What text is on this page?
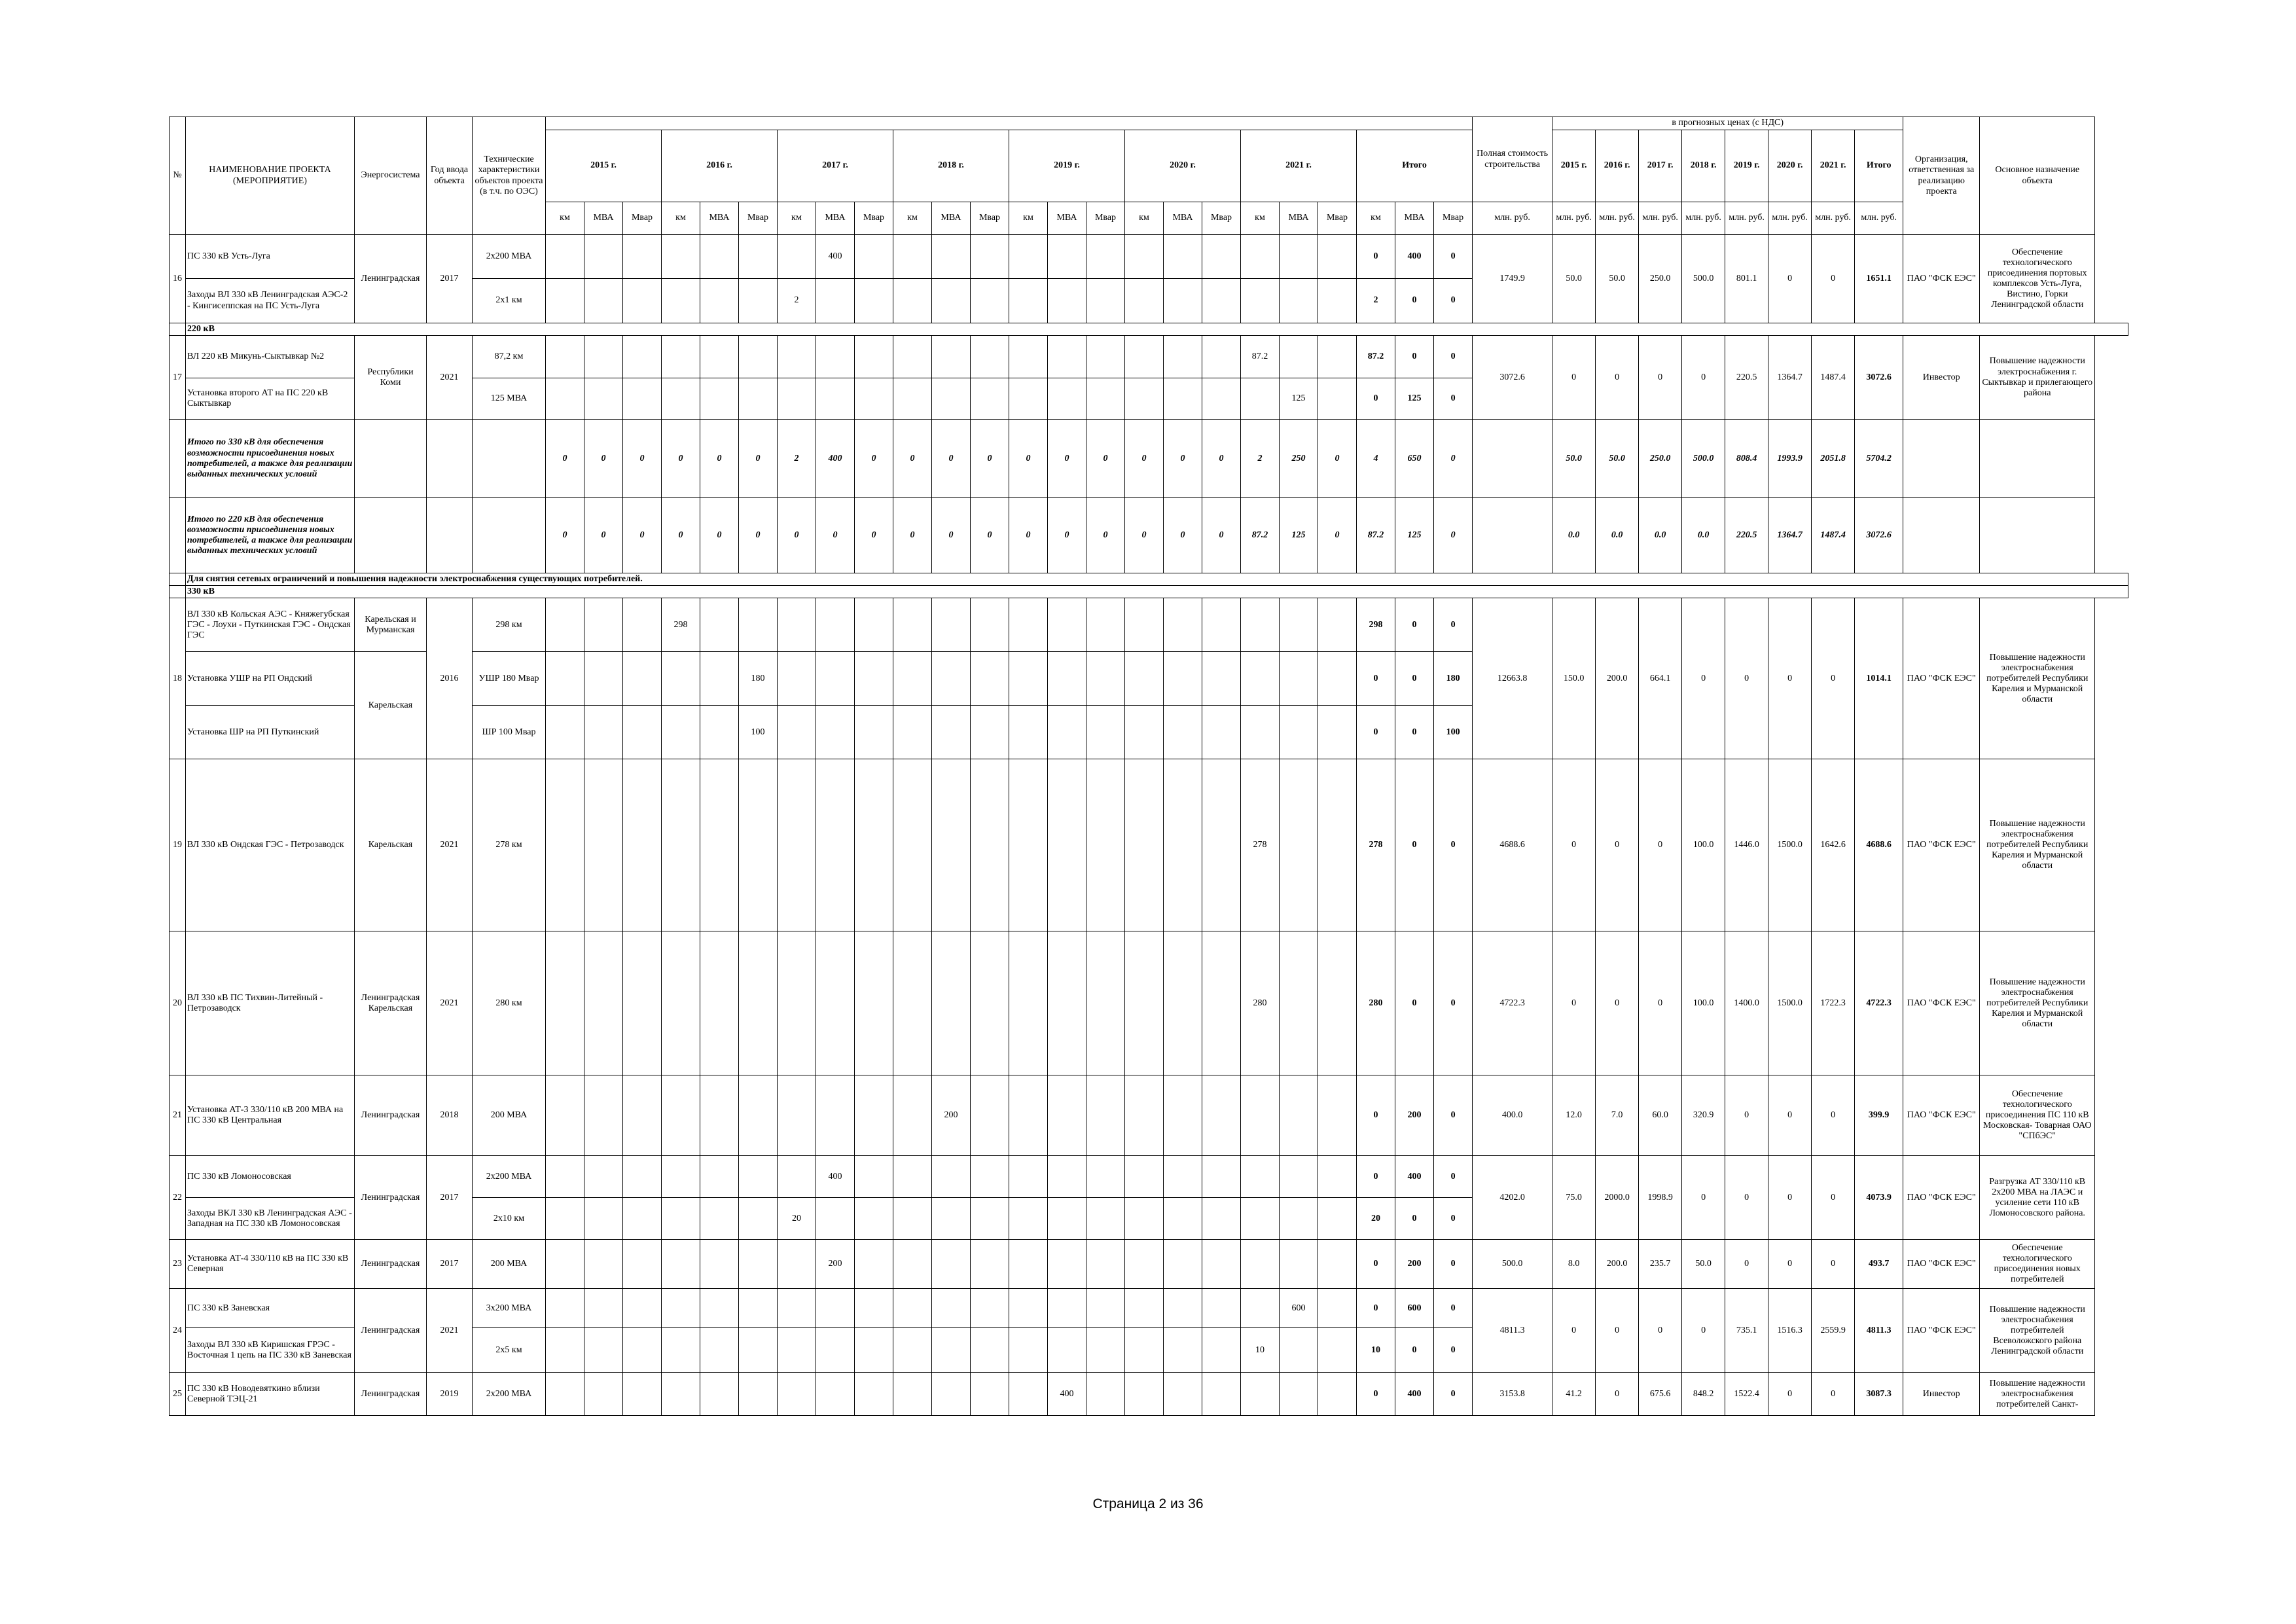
№	НАИМЕНОВАНИЕ ПРОЕКТА (МЕРОПРИЯТИЕ)	Энергосистема	Год ввода объекта	Технические характеристики объектов проекта (в т.ч. по ОЭС)																									Полная стоимость строительства	в прогнозных ценах (с НДС)								Организация, ответственная за реализацию проекта	Основное назначение объекта
					2015 г.			2016 г.			2017 г.			2018 г.			2019 г.			2020 г.			2021 г.			Итого				2015 г.	2016 г.	2017 г.	2018 г.	2019 г.	2020 г.	2021 г.	Итого		
					км	МВА	Мвар	км	МВА	Мвар	км	МВА	Мвар	км	МВА	Мвар	км	МВА	Мвар	км	МВА	Мвар	км	МВА	Мвар	км	МВА	Мвар	млн. руб.	млн. руб.	млн. руб.	млн. руб.	млн. руб.	млн. руб.	млн. руб.	млн. руб.	млн. руб.		
16	ПС 330 кВ Усть-Луга	Ленинградская	2017	2х200 МВА								400														0	400	0	1749.9	50.0	50.0	250.0	500.0	801.1	0	0	1651.1	ПАО "ФСК ЕЭС"	Обеспечение технологического присоединения портовых комплексов Усть-Луга, Вистино, Горки Ленинградской области
	Заходы ВЛ 330 кВ Ленинградская АЭС-2 - Кингисеппская на ПС Усть-Луга			2х1 км							2															2	0	0											
	220 кВ																																						
17	ВЛ 220 кВ Микунь-Сыктывкар №2	Республики Коми	2021	87,2 км																			87.2			87.2	0	0	3072.6	0	0	0	0	220.5	1364.7	1487.4	3072.6	Инвестор	Повышение надежности электроснабжения г. Сыктывкар и прилегающего района
	Установка второго АТ на ПС 220 кВ Сыктывкар			125 МВА																				125		0	125	0											
	Итого по 330 кВ для обеспечения возможности присоединения новых потребителей, а также для реализации выданных технических условий				0	0	0	0	0	0	2	400	0	0	0	0	0	0	0	0	0	0	2	250	0	4	650	0		50.0	50.0	250.0	500.0	808.4	1993.9	2051.8	5704.2		
	Итого по 220 кВ для обеспечения возможности присоединения новых потребителей, а также для реализации выданных технических условий				0	0	0	0	0	0	0	0	0	0	0	0	0	0	0	0	0	0	87.2	125	0	87.2	125	0		0.0	0.0	0.0	0.0	220.5	1364.7	1487.4	3072.6		
	Для снятия сетевых ограничений и повышения надежности электроснабжения существующих потребителей.																																						
	330 кВ																																						
18	ВЛ 330 кВ Кольская АЭС - Княжегубская ГЭС - Лоухи - Путкинская ГЭС - Ондская ГЭС	Карельская и Мурманская	2016	298 км				298																		298	0	0	12663.8	150.0	200.0	664.1	0	0	0	0	1014.1	ПАО "ФСК ЕЭС"	Повышение надежности электроснабжения потребителей Республики Карелия и Мурманской области
	Установка УШР на РП Ондский	Карельская		УШР 180 Мвар						180																0	0	180											
	Установка ШР на РП Путкинский			ШР 100 Мвар						100																0	0	100											
19	ВЛ 330 кВ Ондская ГЭС - Петрозаводск	Карельская	2021	278 км																			278			278	0	0	4688.6	0	0	0	100.0	1446.0	1500.0	1642.6	4688.6	ПАО "ФСК ЕЭС"	Повышение надежности электроснабжения потребителей Республики Карелия и Мурманской области
20	ВЛ 330 кВ ПС Тихвин-Литейный - Петрозаводск	Ленинградская Карельская	2021	280 км																			280			280	0	0	4722.3	0	0	0	100.0	1400.0	1500.0	1722.3	4722.3	ПАО "ФСК ЕЭС"	Повышение надежности электроснабжения потребителей Республики Карелия и Мурманской области
21	Установка АТ-3 330/110 кВ 200 МВА на ПС 330 кВ Центральная	Ленинградская	2018	200 МВА											200											0	200	0	400.0	12.0	7.0	60.0	320.9	0	0	0	399.9	ПАО "ФСК ЕЭС"	Обеспечение технологического присоединения ПС 110 кВ Московская- Товарная ОАО "СПбЭС"
22	ПС 330 кВ Ломоносовская	Ленинградская	2017	2х200 МВА								400														0	400	0	4202.0	75.0	2000.0	1998.9	0	0	0	0	4073.9	ПАО "ФСК ЕЭС"	Разгрузка АТ 330/110 кВ 2х200 МВА на ЛАЭС и усиление сети 110 кВ Ломоносовского района.
	Заходы ВКЛ 330 кВ Ленинградская АЭС - Западная на ПС 330 кВ Ломоносовская			2х10 км							20															20	0	0											
23	Установка АТ-4 330/110 кВ на ПС 330 кВ Северная	Ленинградская	2017	200 МВА								200														0	200	0	500.0	8.0	200.0	235.7	50.0	0	0	0	493.7	ПАО "ФСК ЕЭС"	Обеспечение технологического присоединения новых потребителей
24	ПС 330 кВ Заневская	Ленинградская	2021	3х200 МВА																				600		0	600	0	4811.3	0	0	0	0	735.1	1516.3	2559.9	4811.3	ПАО "ФСК ЕЭС"	Повышение надежности электроснабжения потребителей Всеволожского района Ленинградской области
	Заходы ВЛ 330 кВ Киришская ГРЭС - Восточная 1 цепь на ПС 330 кВ Заневская			2х5 км																			10			10	0	0											
25	ПС 330 кВ Новодевяткино вблизи Северной ТЭЦ-21	Ленинградская	2019	2х200 МВА														400								0	400	0	3153.8	41.2	0	675.6	848.2	1522.4	0	0	3087.3	Инвестор	Повышение надежности электроснабжения потребителей Санкт-
Страница 2 из 36
